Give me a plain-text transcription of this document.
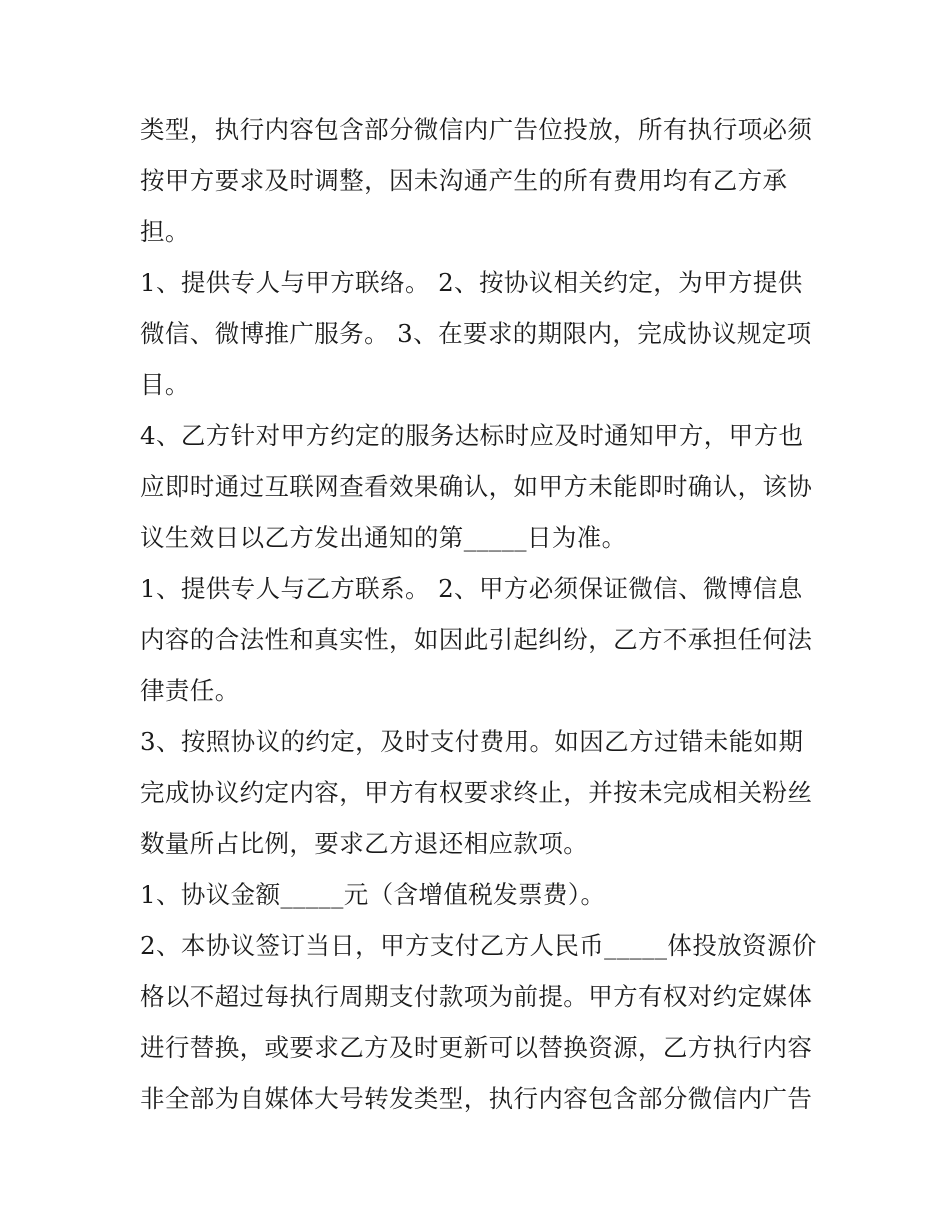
类型，执行内容包含部分微信内广告位投放，所有执行项必须
按甲方要求及时调整，因未沟通产生的所有费用均有乙方承
担。
1、提供专人与甲方联络。 2、按协议相关约定，为甲方提供
微信、微博推广服务。 3、在要求的期限内，完成协议规定项
目。
4、乙方针对甲方约定的服务达标时应及时通知甲方，甲方也
应即时通过互联网查看效果确认，如甲方未能即时确认，该协
议生效日以乙方发出通知的第_____日为准。
1、提供专人与乙方联系。 2、甲方必须保证微信、微博信息
内容的合法性和真实性，如因此引起纠纷，乙方不承担任何法
律责任。
3、按照协议的约定，及时支付费用。如因乙方过错未能如期
完成协议约定内容，甲方有权要求终止，并按未完成相关粉丝
数量所占比例，要求乙方退还相应款项。
1、协议金额_____元（含增值税发票费）。
2、本协议签订当日，甲方支付乙方人民币_____体投放资源价
格以不超过每执行周期支付款项为前提。甲方有权对约定媒体
进行替换，或要求乙方及时更新可以替换资源，乙方执行内容
非全部为自媒体大号转发类型，执行内容包含部分微信内广告
